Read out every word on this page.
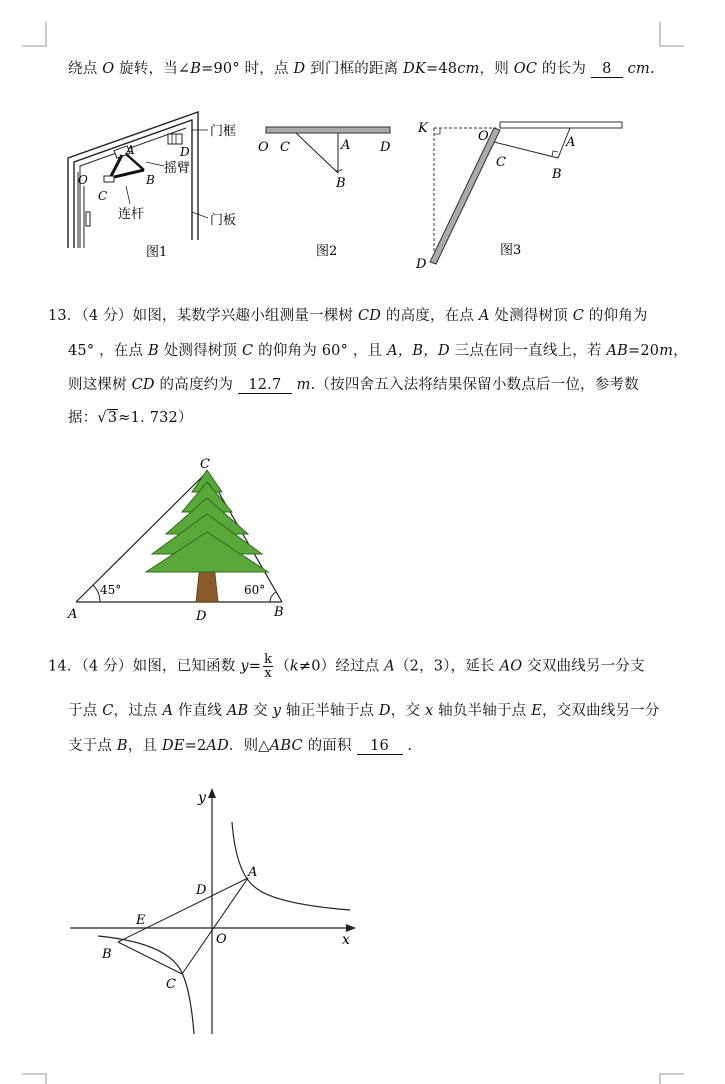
绕点 O 旋转，当∠B=90° 时，点 D 到门框的距离 DK=48cm，则 OC 的长为 8 cm.
门框
摇臂
连杆	门板
A
B
C
D
O
图1
O C	A D
B
图2
K
O	A
C
B
D
图3
13．（4 分）如图，某数学兴趣小组测量一棵树 CD 的高度，在点 A 处测得树顶 C 的仰角为
45° ，在点 B 处测得树顶 C 的仰角为 60° ，且 A，B，D 三点在同一直线上，若 AB=20m，
则这棵树 CD 的高度约为 12.7 m.（按四舍五入法将结果保留小数点后一位，参考数
据：√3≈1. 732）
C
A	B
D
45°	60°
14．（4 分）如图，已知函数 $y= \frac{k}{x} (k\ne 0)$经过点 A（2，3），延长 AO 交双曲线另一分支
于点 C，过点 A 作直线 AB 交 y 轴正半轴于点 D，交 x 轴负半轴于点 E，交双曲线另一分
支于点 B，且 DE=2AD．则△ABC 的面积 16 .
y
x
O
A
B
C
D
E
